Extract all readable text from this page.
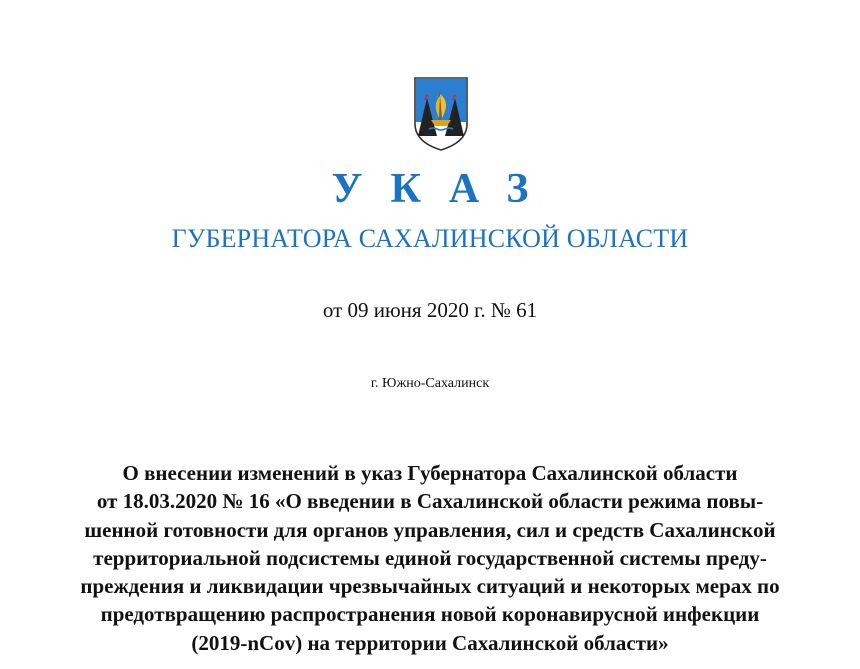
УКАЗ
ГУБЕРНАТОРА САХАЛИНСКОЙ ОБЛАСТИ
от 09 июня 2020 г. № 61
г. Южно-Сахалинск
О внесении изменений в указ Губернатора Сахалинской области
от 18.03.2020 № 16 «О введении в Сахалинской области режима повы-
шенной готовности для органов управления, сил и средств Сахалинской
территориальной подсистемы единой государственной системы преду-
преждения и ликвидации чрезвычайных ситуаций и некоторых мерах по
предотвращению распространения новой коронавирусной инфекции
(2019-nCov) на территории Сахалинской области»
